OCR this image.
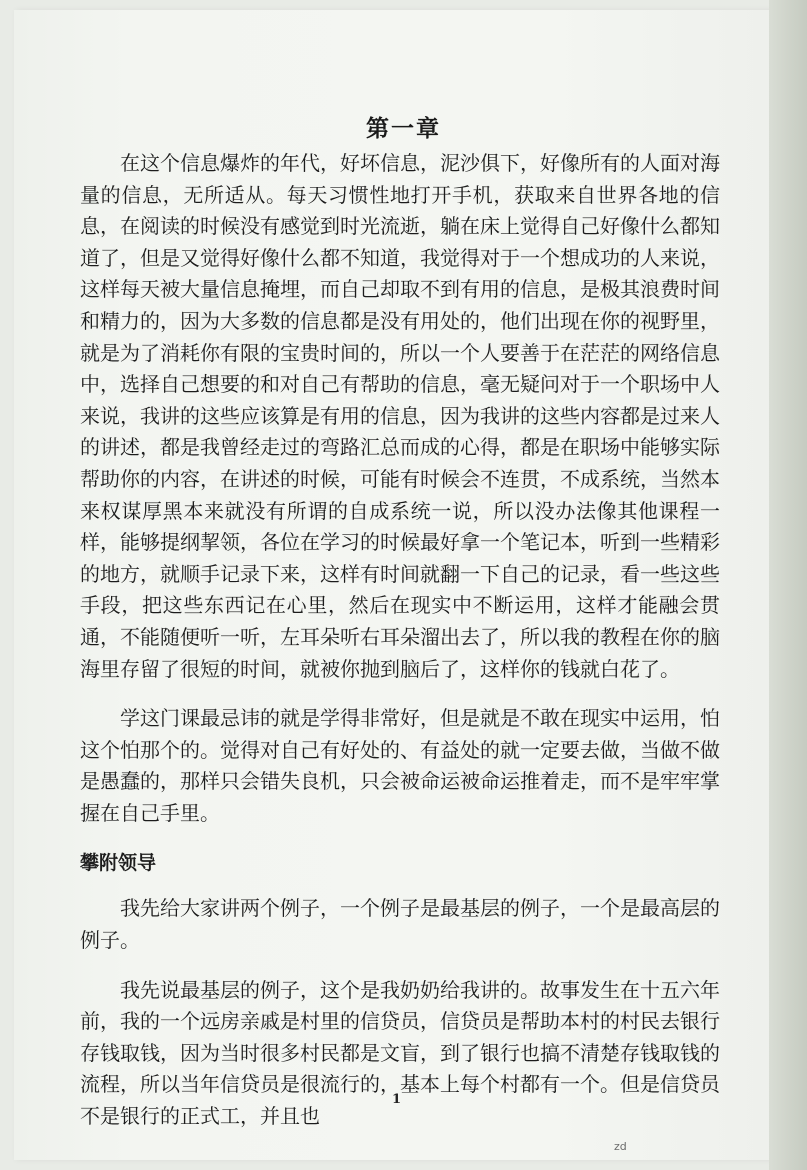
第一章

在这个信息爆炸的年代，好坏信息，泥沙俱下，好像所有的人面对海量的信息，无所适从。每天习惯性地打开手机，获取来自世界各地的信息，在阅读的时候没有感觉到时光流逝，躺在床上觉得自己好像什么都知道了，但是又觉得好像什么都不知道，我觉得对于一个想成功的人来说，这样每天被大量信息掩埋，而自己却取不到有用的信息，是极其浪费时间和精力的，因为大多数的信息都是没有用处的，他们出现在你的视野里，就是为了消耗你有限的宝贵时间的，所以一个人要善于在茫茫的网络信息中，选择自己想要的和对自己有帮助的信息，毫无疑问对于一个职场中人来说，我讲的这些应该算是有用的信息，因为我讲的这些内容都是过来人的讲述，都是我曾经走过的弯路汇总而成的心得，都是在职场中能够实际帮助你的内容，在讲述的时候，可能有时候会不连贯，不成系统，当然本来权谋厚黑本来就没有所谓的自成系统一说，所以没办法像其他课程一样，能够提纲挈领，各位在学习的时候最好拿一个笔记本，听到一些精彩的地方，就顺手记录下来，这样有时间就翻一下自己的记录，看一些这些手段，把这些东西记在心里，然后在现实中不断运用，这样才能融会贯通，不能随便听一听，左耳朵听右耳朵溜出去了，所以我的教程在你的脑海里存留了很短的时间，就被你抛到脑后了，这样你的钱就白花了。

学这门课最忌讳的就是学得非常好，但是就是不敢在现实中运用，怕这个怕那个的。觉得对自己有好处的、有益处的就一定要去做，当做不做是愚蠢的，那样只会错失良机，只会被命运被命运推着走，而不是牢牢掌握在自己手里。

攀附领导

我先给大家讲两个例子，一个例子是最基层的例子，一个是最高层的例子。

我先说最基层的例子，这个是我奶奶给我讲的。故事发生在十五六年前，我的一个远房亲戚是村里的信贷员，信贷员是帮助本村的村民去银行存钱取钱，因为当时很多村民都是文盲，到了银行也搞不清楚存钱取钱的流程，所以当年信贷员是很流行的，基本上每个村都有一个。但是信贷员不是银行的正式工，并且也

1
zd
